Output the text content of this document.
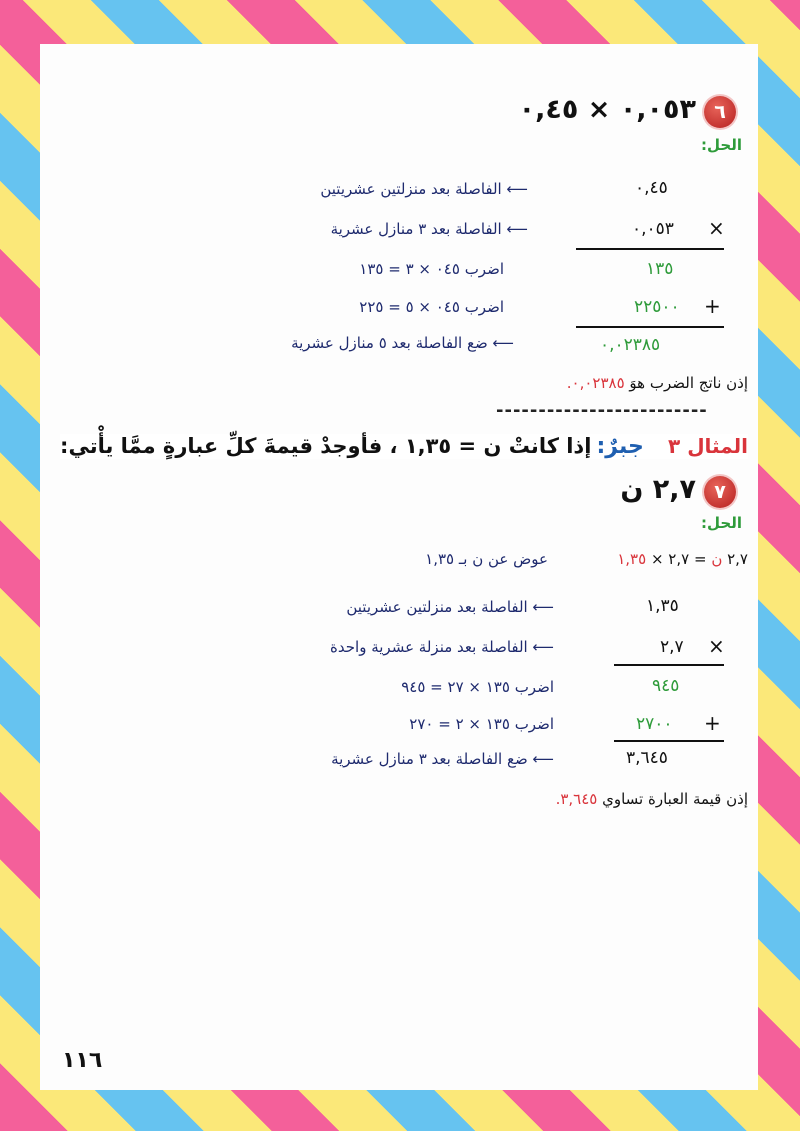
٦
٠,٠٥٣ × ٠,٤٥
الحل:
٠,٤٥
⟵ الفاصلة بعد منزلتين عشريتين
×
٠,٠٥٣
⟵ الفاصلة بعد ٣ منازل عشرية
١٣٥
اضرب ٠٤٥ × ٣ = ١٣٥
+
٢٢٥٠٠
اضرب ٠٤٥ × ٥ = ٢٢٥
٠,٠٢٣٨٥
⟵ ضع الفاصلة بعد ٥ منازل عشرية
إذن ناتج الضرب هوَ ٠,٠٢٣٨٥.
-------------------------
المثال ٣  جبرٌ: إذا كانتْ ن = ١,٣٥ ، فأوجدْ قيمةَ كلِّ عبارةٍ ممَّا يأْتي:
٧
٢,٧ ن
الحل:
٢,٧ ن = ٢,٧ × ١,٣٥
عوض عن ن بـ ١,٣٥
١,٣٥
⟵ الفاصلة بعد منزلتين عشريتين
×
٢,٧
⟵ الفاصلة بعد منزلة عشرية واحدة
٩٤٥
اضرب ١٣٥ × ٢٧ = ٩٤٥
+
٢٧٠٠
اضرب ١٣٥ × ٢ = ٢٧٠
٣,٦٤٥
⟵ ضع الفاصلة بعد ٣ منازل عشرية
إذن قيمة العبارة تساوي ٣,٦٤٥.
١١٦
